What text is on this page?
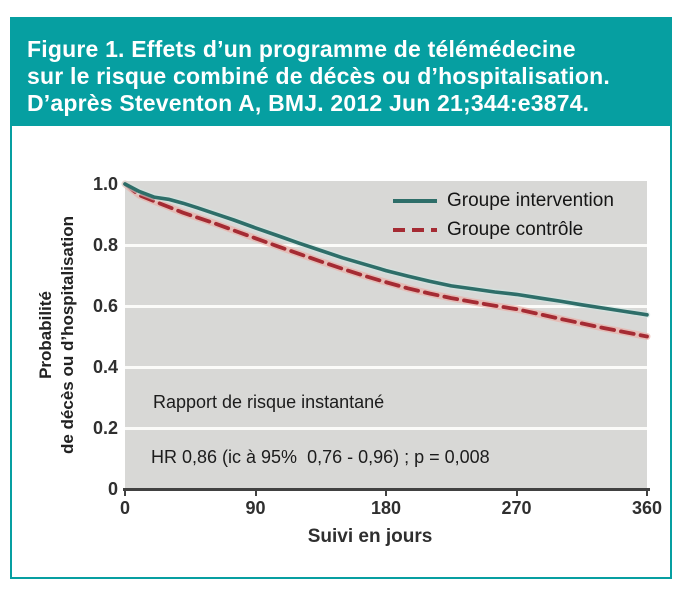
Figure 1. Effets d’un programme de télémédecine
sur le risque combiné de décès ou d’hospitalisation.
D’après Steventon A, BMJ. 2012 Jun 21;344:e3874.
1.0
0.8
0.6
0.4
0.2
0
0	90	180	270	360
Probabilité de décès ou d’hospitalisation
Suivi en jours
Groupe intervention
Groupe contrôle
Rapport de risque instantané
HR 0,86 (ic à 95%  0,76 - 0,96) ; p = 0,008
